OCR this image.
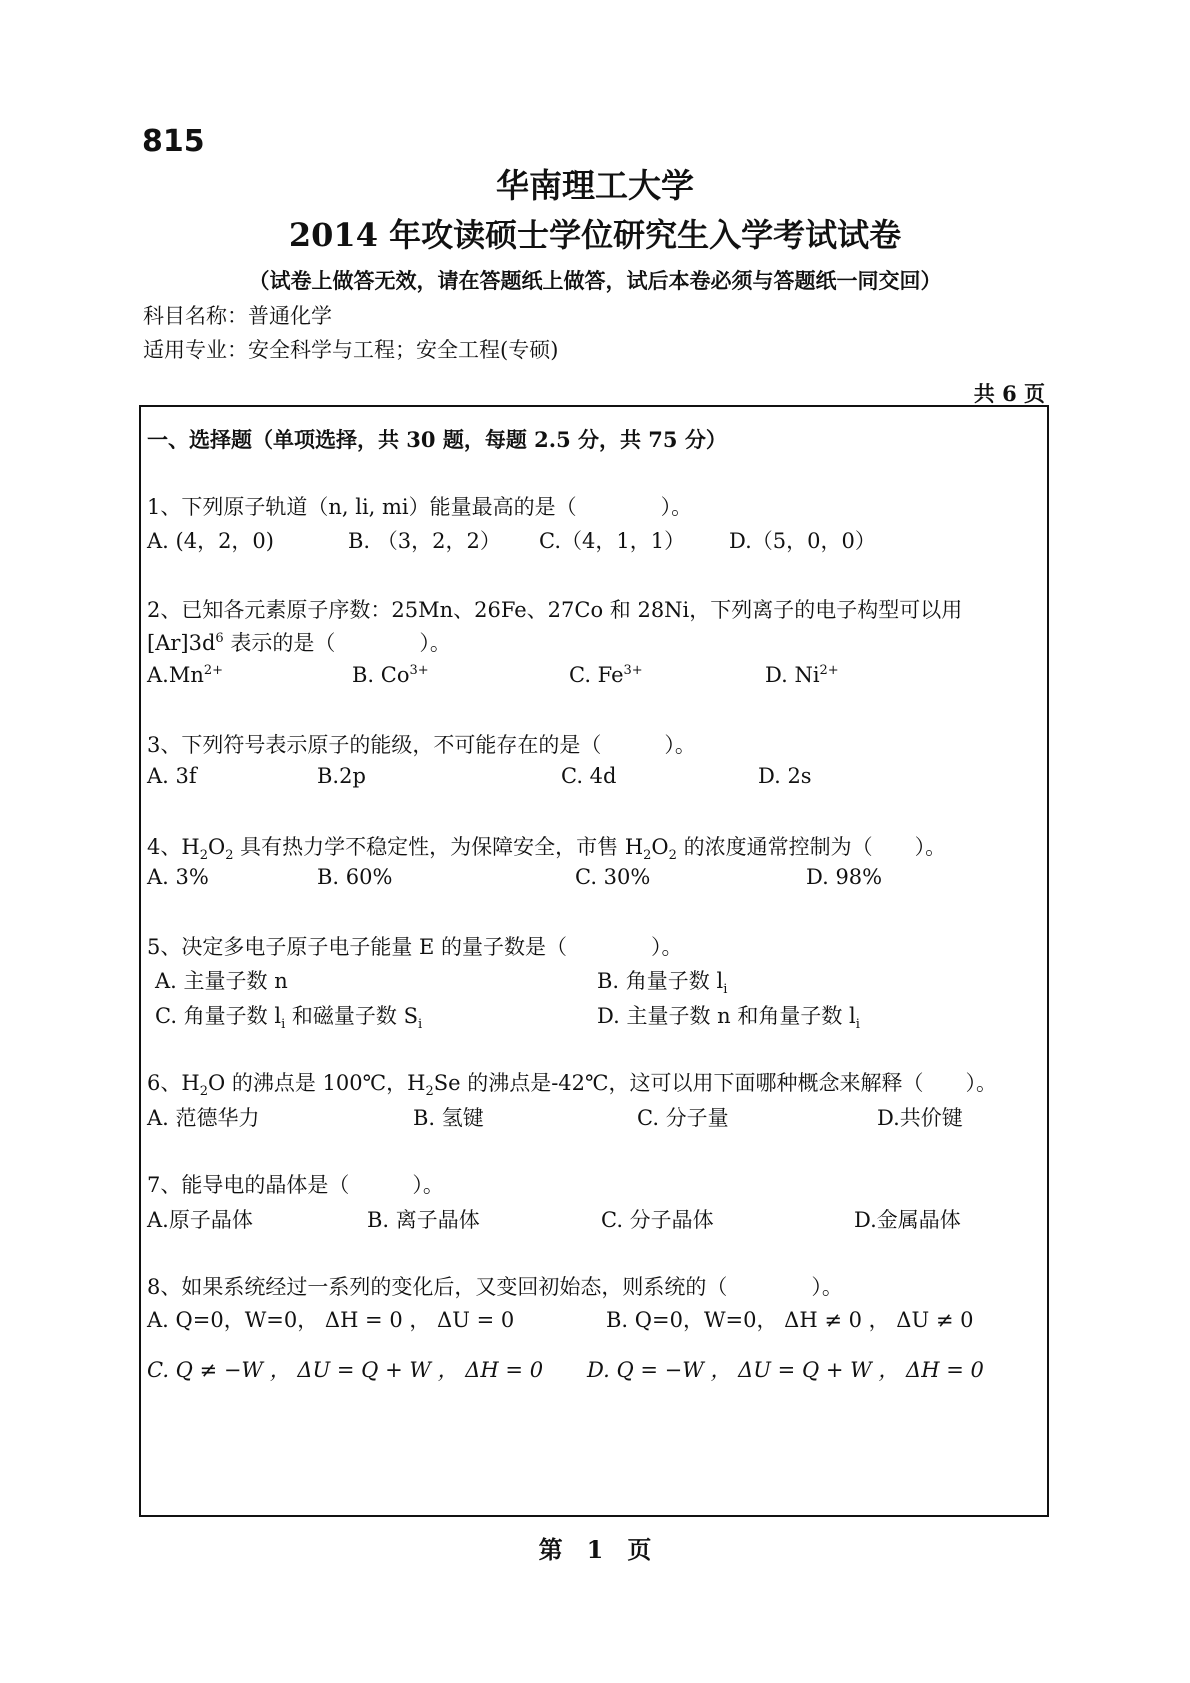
815
华南理工大学
2014 年攻读硕士学位研究生入学考试试卷
（试卷上做答无效，请在答题纸上做答，试后本卷必须与答题纸一同交回）
科目名称：普通化学
适用专业：安全科学与工程；安全工程(专硕)
共 6 页
一、选择题（单项选择，共 30 题，每题 2.5 分，共 75 分）
1、下列原子轨道（n, li, mi）能量最高的是（　　　　）。
A. (4，2，0)	B. （3，2，2） C.（4，1，1） D.（5，0，0）
2、已知各元素原子序数：25Mn、26Fe、27Co 和 28Ni，下列离子的电子构型可以用
$[Ar]3d^6$ 表示的是（　　　　）。
$A.Mn^{2+}$	B. $Co^{3+}$	C. $Fe^{3+}$	D. $Ni^{2+}$
3、下列符号表示原子的能级，不可能存在的是（　　　）。
A. 3f	B.2p	C. 4d	D. 2s
4、$H_2O_2$ 具有热力学不稳定性，为保障安全，市售 $H_2O_2$ 的浓度通常控制为（　　）。
A. 3%	B. 60%	C. 30%	D. 98%
5、决定多电子原子电子能量 E 的量子数是（　　　　）。
A. 主量子数 n	B. 角量子数 $l_i$
C. 角量子数 $l_i$ 和磁量子数 $S_i$	D. 主量子数 n 和角量子数 $l_i$
6、$H_2O$ 的沸点是 100℃，$H_2Se$ 的沸点是-42℃，这可以用下面哪种概念来解释（　　）。
A. 范德华力	B. 氢键	C. 分子量	D.共价键
7、能导电的晶体是（　　　）。
A.原子晶体	B. 离子晶体	C. 分子晶体	D.金属晶体
8、如果系统经过一系列的变化后，又变回初始态，则系统的（　　　　）。
A. Q=0，W=0， ΔH = 0 ， ΔU = 0	B. Q=0，W=0， ΔH ≠ 0 ， ΔU ≠ 0
C. Q ≠ −W ， ΔU = Q + W ， ΔH = 0 D. Q = −W ， ΔU = Q + W ， ΔH = 0
第　1　页
